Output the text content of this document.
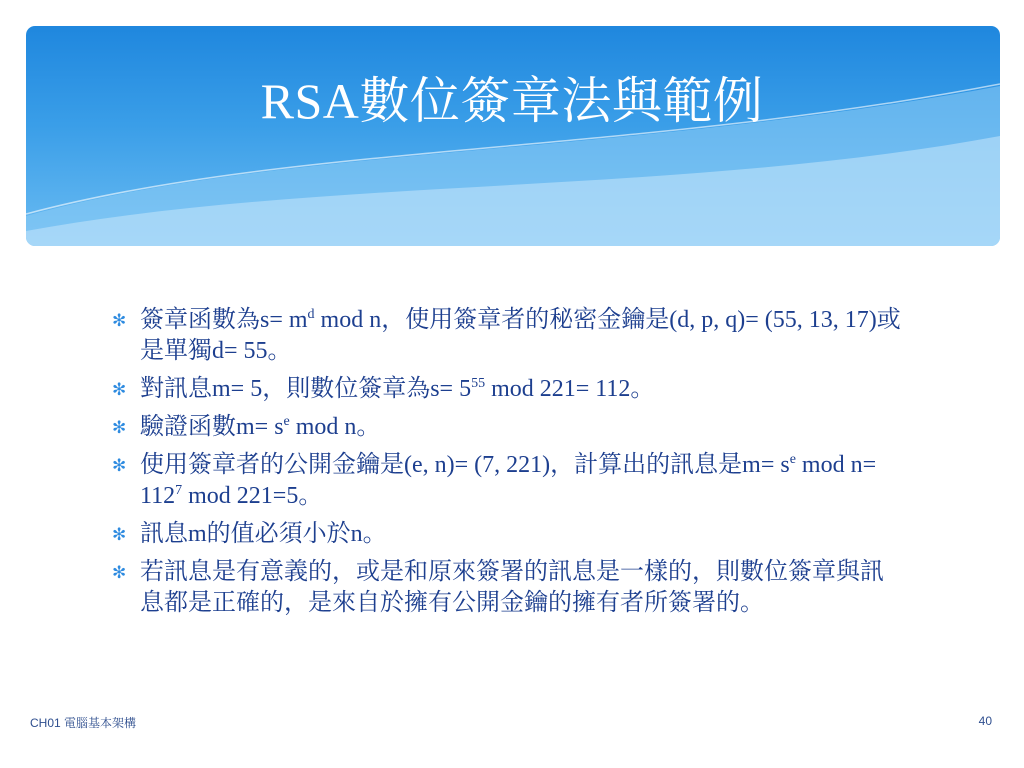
RSA數位簽章法與範例
✻ 簽章函數為$s= m^d$ mod n，使用簽章者的秘密金鑰是(d, p, q)= (55, 13, 17)或是單獨d= 55。
✻ 對訊息m= 5，則數位簽章為$s= 5^{55}$ mod 221= 112。
✻ 驗證函數$m= s^e$ mod n。
✻ 使用簽章者的公開金鑰是(e, n)= (7, 221)，計算出的訊息是$m= s^e$ mod $n= 112^7$ mod 221=5。
✻ 訊息m的值必須小於n。
✻ 若訊息是有意義的，或是和原來簽署的訊息是一樣的，則數位簽章與訊息都是正確的，是來自於擁有公開金鑰的擁有者所簽署的。
CH01 電腦基本架構	40
